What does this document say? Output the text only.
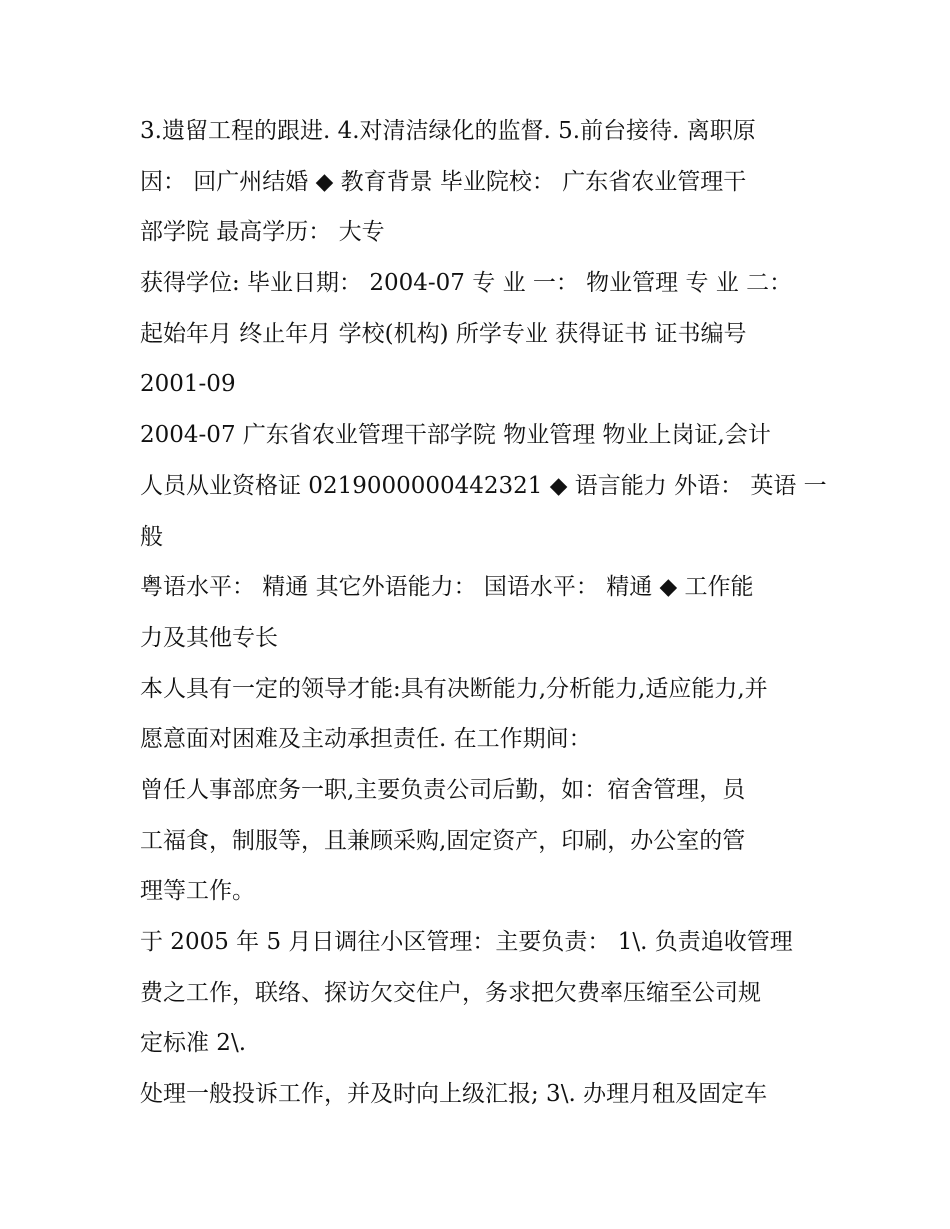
3.遗留工程的跟进. 4.对清洁绿化的监督. 5.前台接待. 离职原
因： 回广州结婚 ◆ 教育背景 毕业院校： 广东省农业管理干
部学院 最高学历： 大专
获得学位: 毕业日期： 2004-07 专 业 一： 物业管理 专 业 二：
起始年月 终止年月 学校(机构) 所学专业 获得证书 证书编号
2001-09
2004-07 广东省农业管理干部学院 物业管理 物业上岗证,会计
人员从业资格证 0219000000442321 ◆ 语言能力 外语： 英语 一
般
粤语水平： 精通 其它外语能力： 国语水平： 精通 ◆ 工作能
力及其他专长
本人具有一定的领导才能:具有决断能力,分析能力,适应能力,并
愿意面对困难及主动承担责任. 在工作期间：
曾任人事部庶务一职,主要负责公司后勤，如：宿舍管理，员
工福食，制服等，且兼顾采购,固定资产，印刷，办公室的管
理等工作。
于 2005 年 5 月日调往小区管理：主要负责： 1\. 负责追收管理
费之工作，联络、探访欠交住户，务求把欠费率压缩至公司规
定标准 2\.
处理一般投诉工作，并及时向上级汇报; 3\. 办理月租及固定车
